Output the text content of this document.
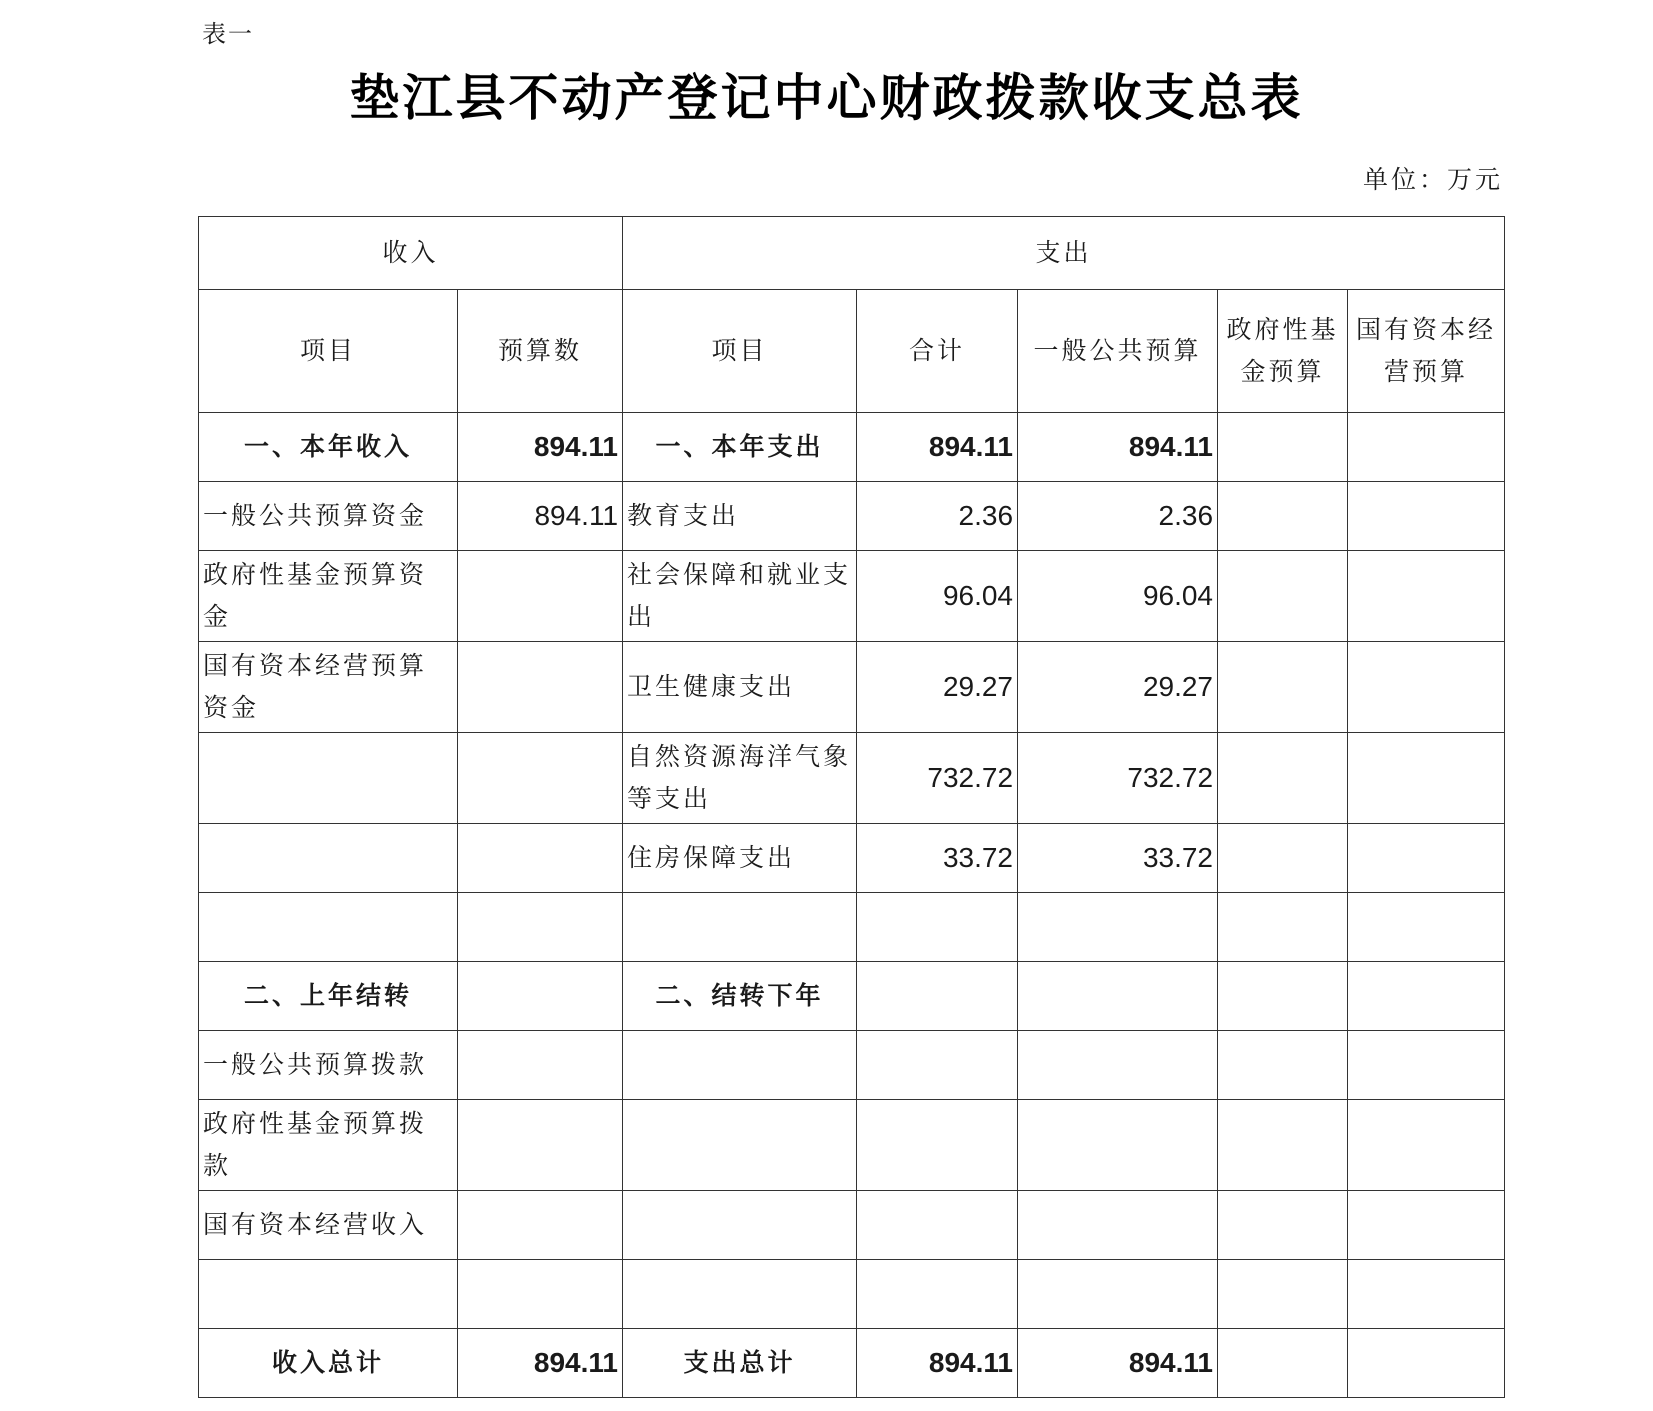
表一
垫江县不动产登记中心财政拨款收支总表
单位：万元
收入		支出				
项目	预算数	项目	合计	一般公共预算	政府性基金预算	国有资本经营预算
一、本年收入	894.11	一、本年支出	894.11	894.11		
一般公共预算资金	894.11	教育支出	2.36	2.36		
政府性基金预算资金		社会保障和就业支出	96.04	96.04		
国有资本经营预算资金		卫生健康支出	29.27	29.27		
		自然资源海洋气象等支出	732.72	732.72		
		住房保障支出	33.72	33.72		

二、上年结转		二、结转下年				
一般公共预算拨款						
政府性基金预算拨款						
国有资本经营收入						

收入总计	894.11	支出总计	894.11	894.11		
